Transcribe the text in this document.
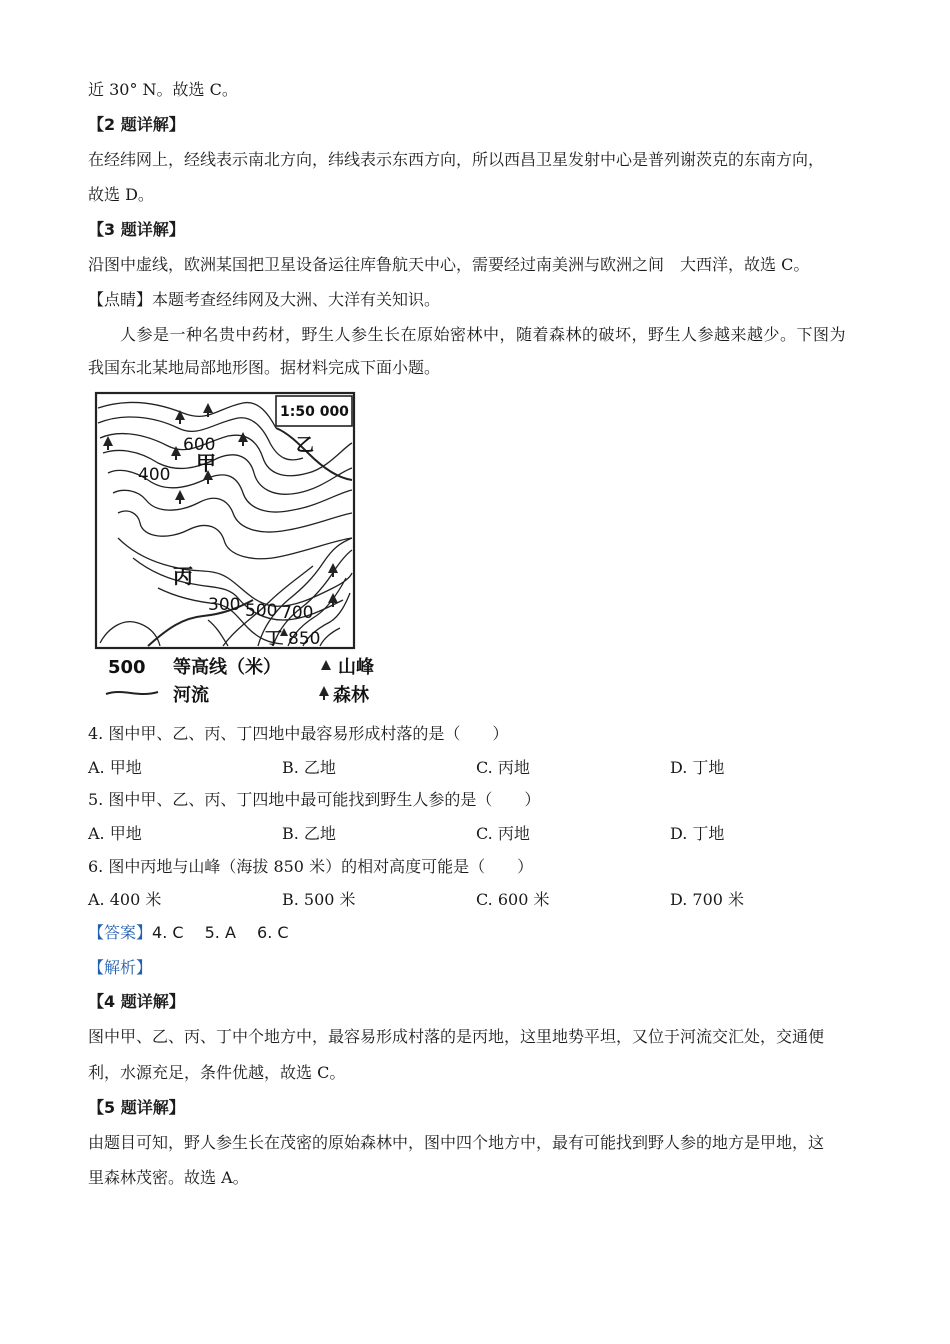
近 30° N。故选 C。
【2 题详解】
在经纬网上，经线表示南北方向，纬线表示东西方向，所以西昌卫星发射中心是普列谢茨克的东南方向，
故选 D。
【3 题详解】
沿图中虚线，欧洲某国把卫星设备运往库鲁航天中心，需要经过南美洲与欧洲之间　大西洋，故选 C。
【点睛】本题考查经纬网及大洲、大洋有关知识。
人参是一种名贵中药材，野生人参生长在原始密林中，随着森林的破坏，野生人参越来越少。下图为
我国东北某地局部地形图。据材料完成下面小题。
1:50 000
600
400 甲
乙
丙
300 500 700
丁 850
500 等高线（米）	山峰
河流	森林
4. 图中甲、乙、丙、丁四地中最容易形成村落的是（　　）
A. 甲地	B. 乙地	C. 丙地	D. 丁地
5. 图中甲、乙、丙、丁四地中最可能找到野生人参的是（　　）
A. 甲地	B. 乙地	C. 丙地	D. 丁地
6. 图中丙地与山峰（海拔 850 米）的相对高度可能是（　　）
A. 400 米	B. 500 米	C. 600 米	D. 700 米
【答案】4. C　 5. A　 6. C
【解析】
【4 题详解】
图中甲、乙、丙、丁中个地方中，最容易形成村落的是丙地，这里地势平坦，又位于河流交汇处，交通便
利，水源充足，条件优越，故选 C。
【5 题详解】
由题目可知，野人参生长在茂密的原始森林中，图中四个地方中，最有可能找到野人参的地方是甲地，这
里森林茂密。故选 A。
